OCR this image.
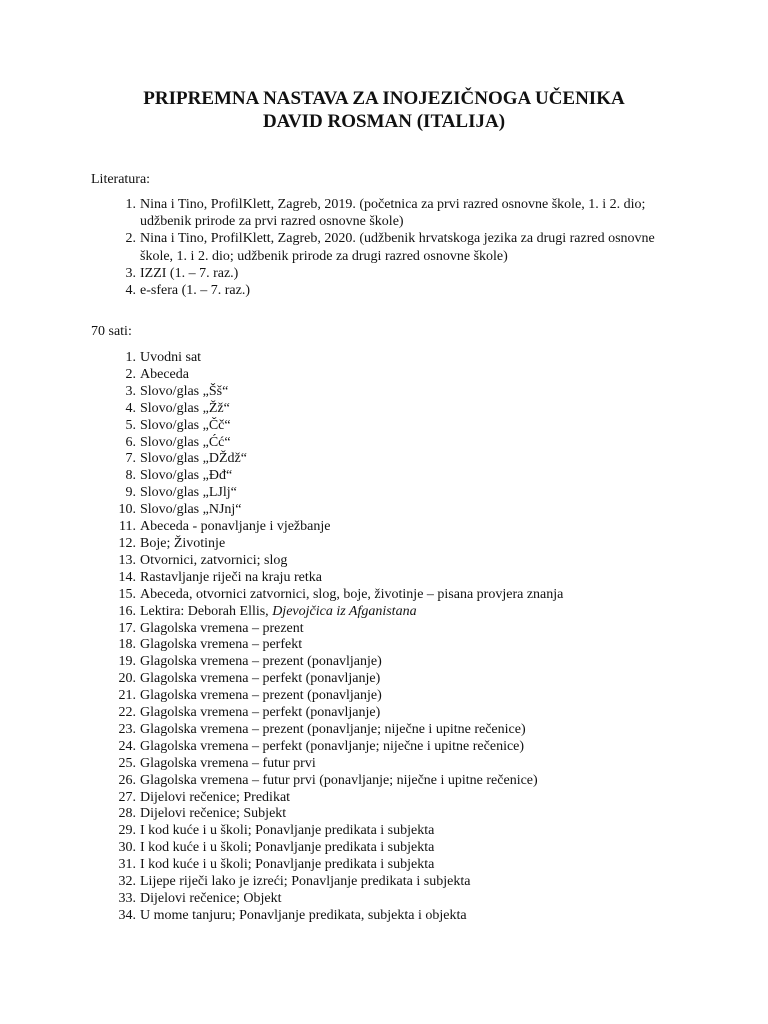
PRIPREMNA NASTAVA ZA INOJEZIČNOGA UČENIKA
DAVID ROSMAN (ITALIJA)

Literatura:

1. Nina i Tino, ProfilKlett, Zagreb, 2019. (početnica za prvi razred osnovne škole, 1. i 2. dio; udžbenik prirode za prvi razred osnovne škole)
2. Nina i Tino, ProfilKlett, Zagreb, 2020. (udžbenik hrvatskoga jezika za drugi razred osnovne škole, 1. i 2. dio; udžbenik prirode za drugi razred osnovne škole)
3. IZZI (1. – 7. raz.)
4. e-sfera (1. – 7. raz.)

70 sati:

1. Uvodni sat
2. Abeceda
3. Slovo/glas „Šš“
4. Slovo/glas „Žž“
5. Slovo/glas „Čč“
6. Slovo/glas „Ćć“
7. Slovo/glas „DŽdž“
8. Slovo/glas „Đđ“
9. Slovo/glas „LJlj“
10. Slovo/glas „NJnj“
11. Abeceda - ponavljanje i vježbanje
12. Boje; Životinje
13. Otvornici, zatvornici; slog
14. Rastavljanje riječi na kraju retka
15. Abeceda, otvornici zatvornici, slog, boje, životinje – pisana provjera znanja
16. Lektira: Deborah Ellis, Djevojčica iz Afganistana
17. Glagolska vremena – prezent
18. Glagolska vremena – perfekt
19. Glagolska vremena – prezent (ponavljanje)
20. Glagolska vremena – perfekt (ponavljanje)
21. Glagolska vremena – prezent (ponavljanje)
22. Glagolska vremena – perfekt (ponavljanje)
23. Glagolska vremena – prezent (ponavljanje; niječne i upitne rečenice)
24. Glagolska vremena – perfekt (ponavljanje; niječne i upitne rečenice)
25. Glagolska vremena – futur prvi
26. Glagolska vremena – futur prvi (ponavljanje; niječne i upitne rečenice)
27. Dijelovi rečenice; Predikat
28. Dijelovi rečenice; Subjekt
29. I kod kuće i u školi; Ponavljanje predikata i subjekta
30. I kod kuće i u školi; Ponavljanje predikata i subjekta
31. I kod kuće i u školi; Ponavljanje predikata i subjekta
32. Lijepe riječi lako je izreći; Ponavljanje predikata i subjekta
33. Dijelovi rečenice; Objekt
34. U mome tanjuru; Ponavljanje predikata, subjekta i objekta
